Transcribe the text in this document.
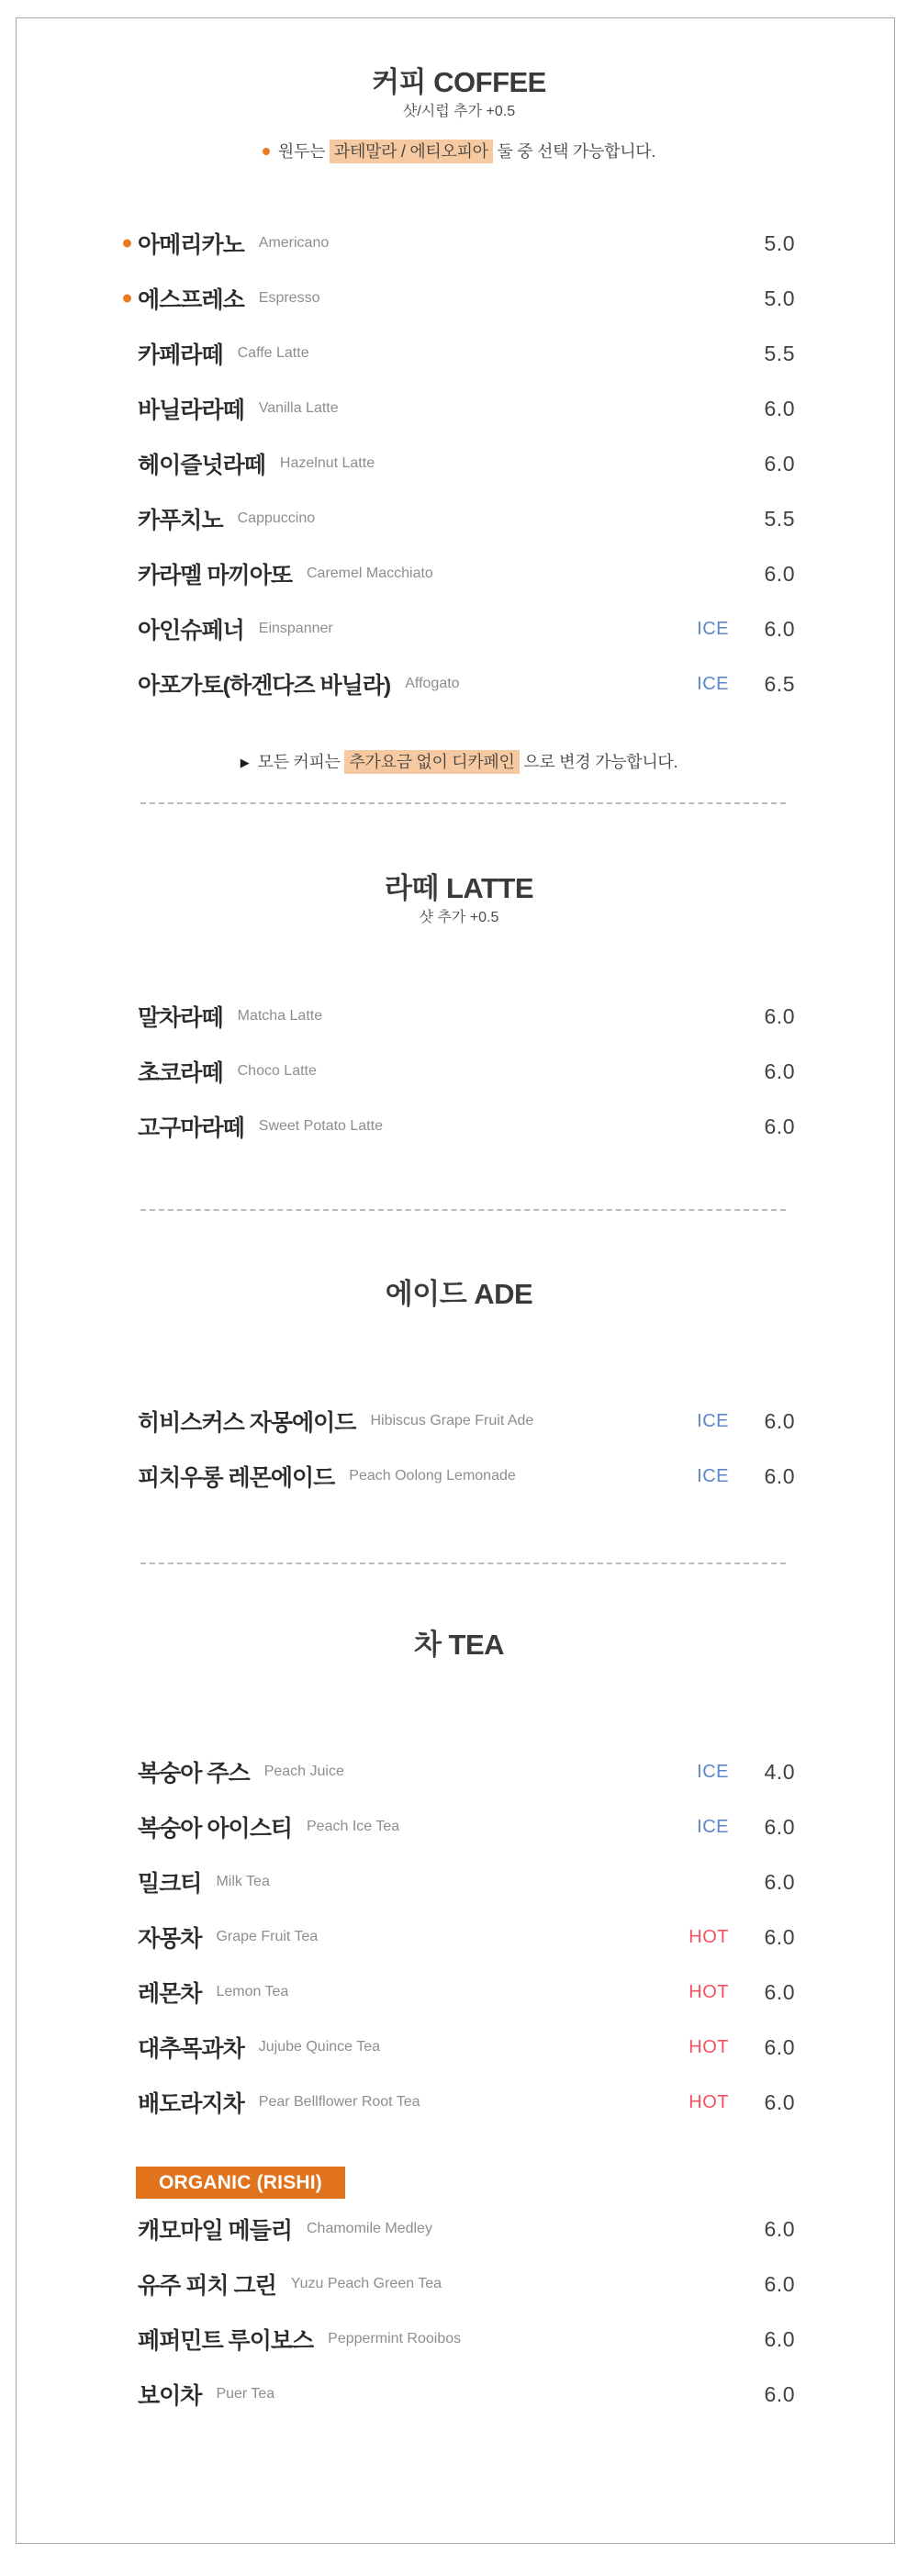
커피 COFFEE
샷/시럽 추가 +0.5
원두는 과테말라 / 에티오피아 둘 중 선택 가능합니다.
아메리카노 Americano	5.0
에스프레소 Espresso	5.0
카페라떼 Caffe Latte	5.5
바닐라라떼 Vanilla Latte	6.0
헤이즐넛라떼 Hazelnut Latte	6.0
카푸치노 Cappuccino	5.5
카라멜 마끼아또 Caremel Macchiato	6.0
아인슈페너 Einspanner	ICE	6.0
아포가토(하겐다즈 바닐라) Affogato	ICE	6.5
▶ 모든 커피는 추가요금 없이 디카페인 으로 변경 가능합니다.
라떼 LATTE
샷 추가 +0.5
말차라떼 Matcha Latte	6.0
초코라떼 Choco Latte	6.0
고구마라떼 Sweet Potato Latte	6.0
에이드 ADE
히비스커스 자몽에이드 Hibiscus Grape Fruit Ade	ICE	6.0
피치우롱 레몬에이드 Peach Oolong Lemonade	ICE	6.0
차 TEA
복숭아 주스 Peach Juice	ICE	4.0
복숭아 아이스티 Peach Ice Tea	ICE	6.0
밀크티 Milk Tea	6.0
자몽차 Grape Fruit Tea	HOT	6.0
레몬차 Lemon Tea	HOT	6.0
대추목과차 Jujube Quince Tea	HOT	6.0
배도라지차 Pear Bellflower Root Tea	HOT	6.0
ORGANIC (RISHI)
캐모마일 메들리 Chamomile Medley	6.0
유주 피치 그린 Yuzu Peach Green Tea	6.0
페퍼민트 루이보스 Peppermint Rooibos	6.0
보이차 Puer Tea	6.0
